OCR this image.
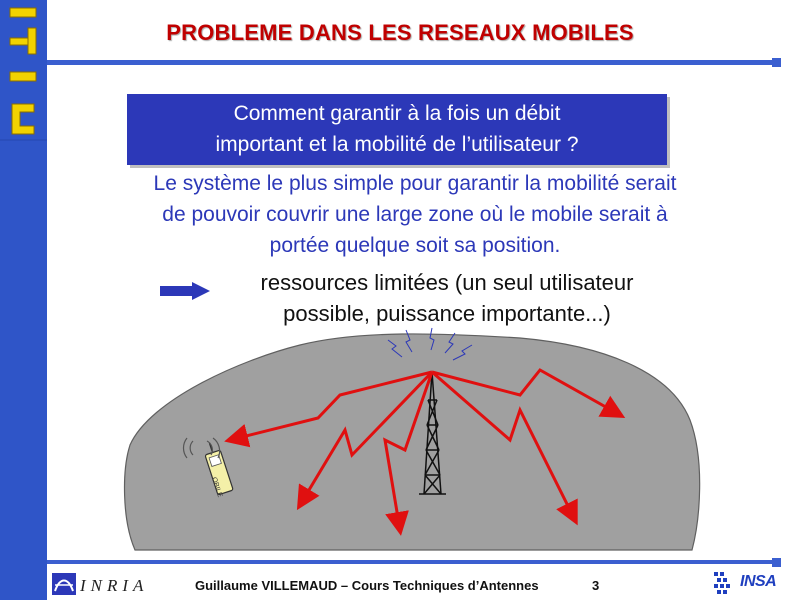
PROBLEME DANS LES RESEAUX MOBILES
Comment garantir à la fois un débit
important et la mobilité de l’utilisateur ?
Le système le plus simple pour garantir la mobilité serait
de pouvoir couvrir une large zone où le mobile serait à
portée quelque soit sa position.
ressources limitées (un seul utilisateur
possible, puissance importante...)
OBILE
INRIA	Guillaume VILLEMAUD – Cours Techniques d’Antennes	3	INSA
